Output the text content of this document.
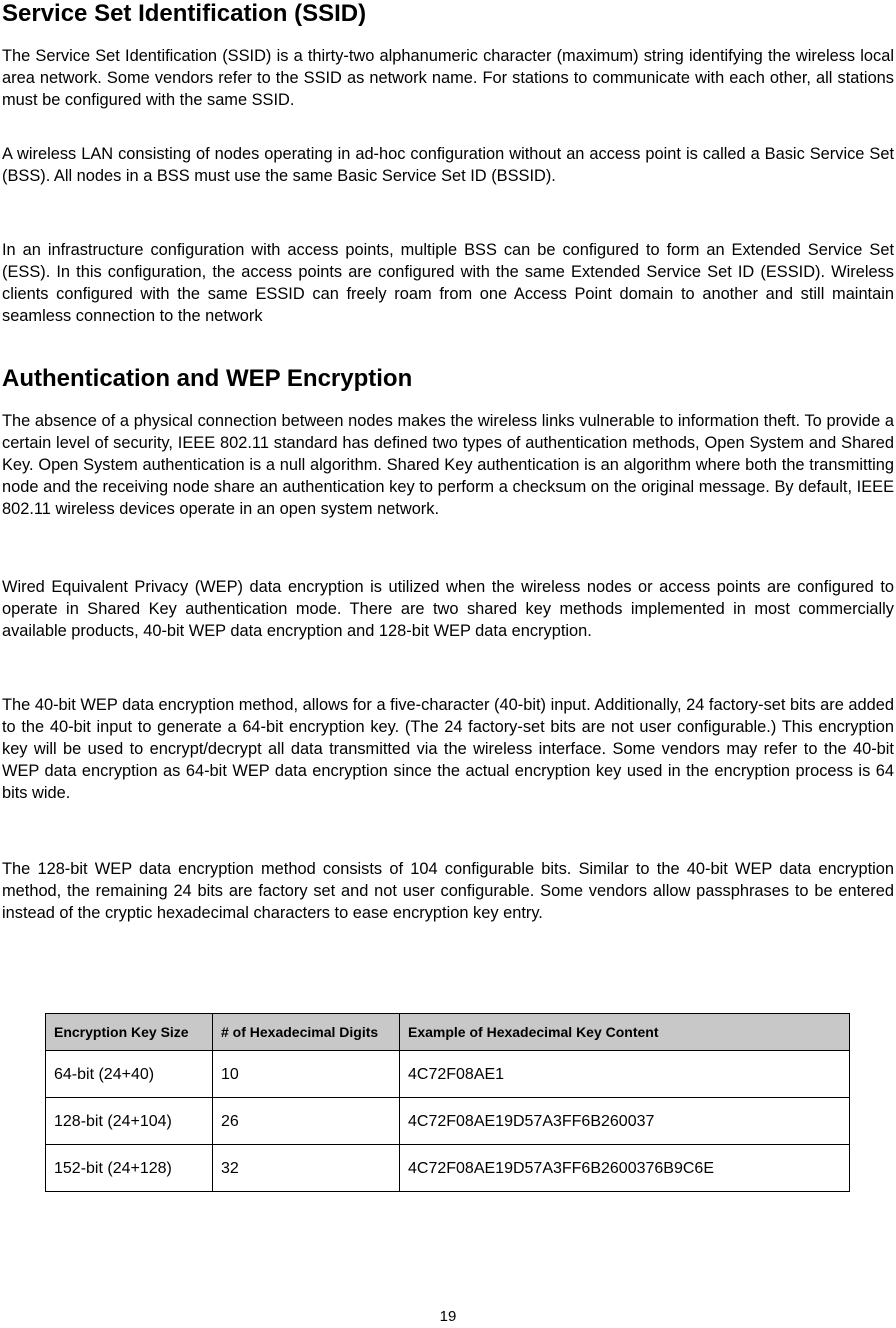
Service Set Identification (SSID)

The Service Set Identification (SSID) is a thirty-two alphanumeric character (maximum) string identifying the wireless local area network. Some vendors refer to the SSID as network name. For stations to communicate with each other, all stations must be configured with the same SSID.

A wireless LAN consisting of nodes operating in ad-hoc configuration without an access point is called a Basic Service Set (BSS). All nodes in a BSS must use the same Basic Service Set ID (BSSID).

In an infrastructure configuration with access points, multiple BSS can be configured to form an Extended Service Set (ESS). In this configuration, the access points are configured with the same Extended Service Set ID (ESSID). Wireless clients configured with the same ESSID can freely roam from one Access Point domain to another and still maintain seamless connection to the network

Authentication and WEP Encryption

The absence of a physical connection between nodes makes the wireless links vulnerable to information theft. To provide a certain level of security, IEEE 802.11 standard has defined two types of authentication methods, Open System and Shared Key. Open System authentication is a null algorithm. Shared Key authentication is an algorithm where both the transmitting node and the receiving node share an authentication key to perform a checksum on the original message. By default, IEEE 802.11 wireless devices operate in an open system network.

Wired Equivalent Privacy (WEP) data encryption is utilized when the wireless nodes or access points are configured to operate in Shared Key authentication mode. There are two shared key methods implemented in most commercially available products, 40-bit WEP data encryption and 128-bit WEP data encryption.

The 40-bit WEP data encryption method, allows for a five-character (40-bit) input. Additionally, 24 factory-set bits are added to the 40-bit input to generate a 64-bit encryption key. (The 24 factory-set bits are not user configurable.) This encryption key will be used to encrypt/decrypt all data transmitted via the wireless interface. Some vendors may refer to the 40-bit WEP data encryption as 64-bit WEP data encryption since the actual encryption key used in the encryption process is 64 bits wide.

The 128-bit WEP data encryption method consists of 104 configurable bits. Similar to the 40-bit WEP data encryption method, the remaining 24 bits are factory set and not user configurable. Some vendors allow passphrases to be entered instead of the cryptic hexadecimal characters to ease encryption key entry.

Encryption Key Size	# of Hexadecimal Digits	Example of Hexadecimal Key Content
64-bit (24+40)	10	4C72F08AE1
128-bit (24+104)	26	4C72F08AE19D57A3FF6B260037
152-bit (24+128)	32	4C72F08AE19D57A3FF6B2600376B9C6E
19
